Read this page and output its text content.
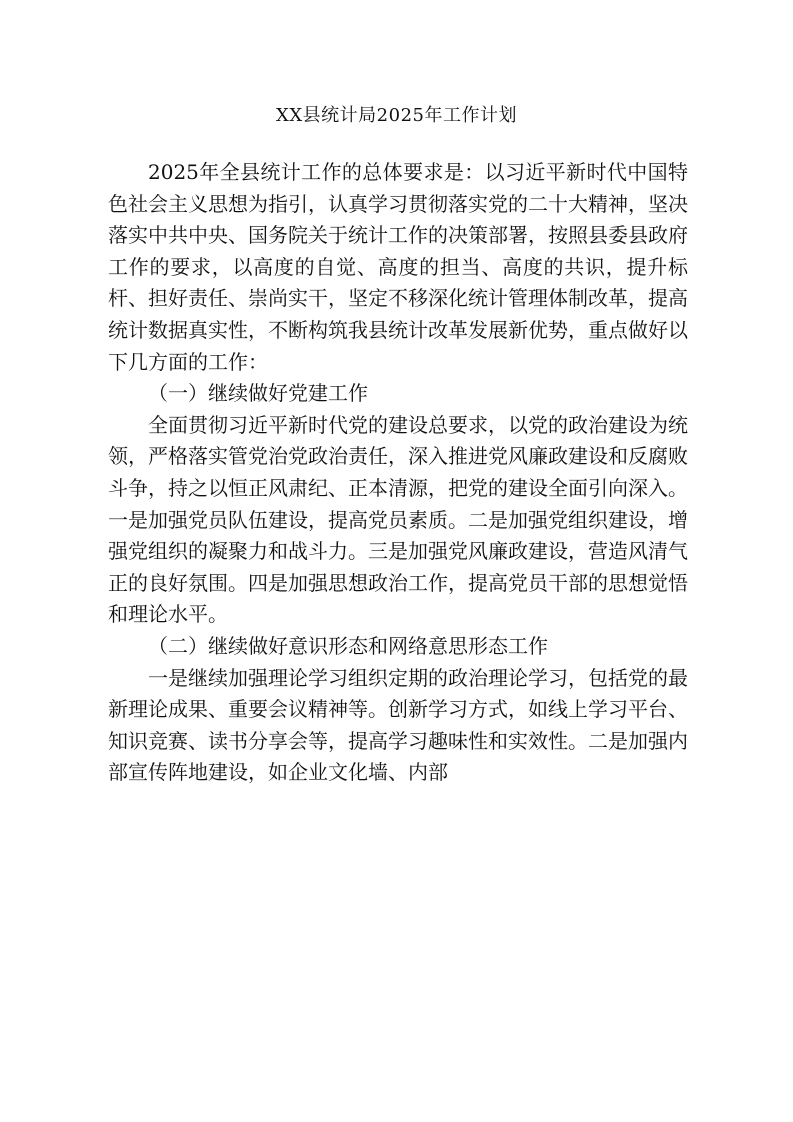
XX县统计局2025年工作计划

2025年全县统计工作的总体要求是：以习近平新时代中国特色社会主义思想为指引，认真学习贯彻落实党的二十大精神，坚决落实中共中央、国务院关于统计工作的决策部署，按照县委县政府工作的要求，以高度的自觉、高度的担当、高度的共识，提升标杆、担好责任、崇尚实干，坚定不移深化统计管理体制改革，提高统计数据真实性，不断构筑我县统计改革发展新优势，重点做好以下几方面的工作：

（一）继续做好党建工作

全面贯彻习近平新时代党的建设总要求，以党的政治建设为统领，严格落实管党治党政治责任，深入推进党风廉政建设和反腐败斗争，持之以恒正风肃纪、正本清源，把党的建设全面引向深入。一是加强党员队伍建设，提高党员素质。二是加强党组织建设，增强党组织的凝聚力和战斗力。三是加强党风廉政建设，营造风清气正的良好氛围。四是加强思想政治工作，提高党员干部的思想觉悟和理论水平。

（二）继续做好意识形态和网络意思形态工作

一是继续加强理论学习组织定期的政治理论学习，包括党的最新理论成果、重要会议精神等。创新学习方式，如线上学习平台、知识竞赛、读书分享会等，提高学习趣味性和实效性。二是加强内部宣传阵地建设，如企业文化墙、内部
